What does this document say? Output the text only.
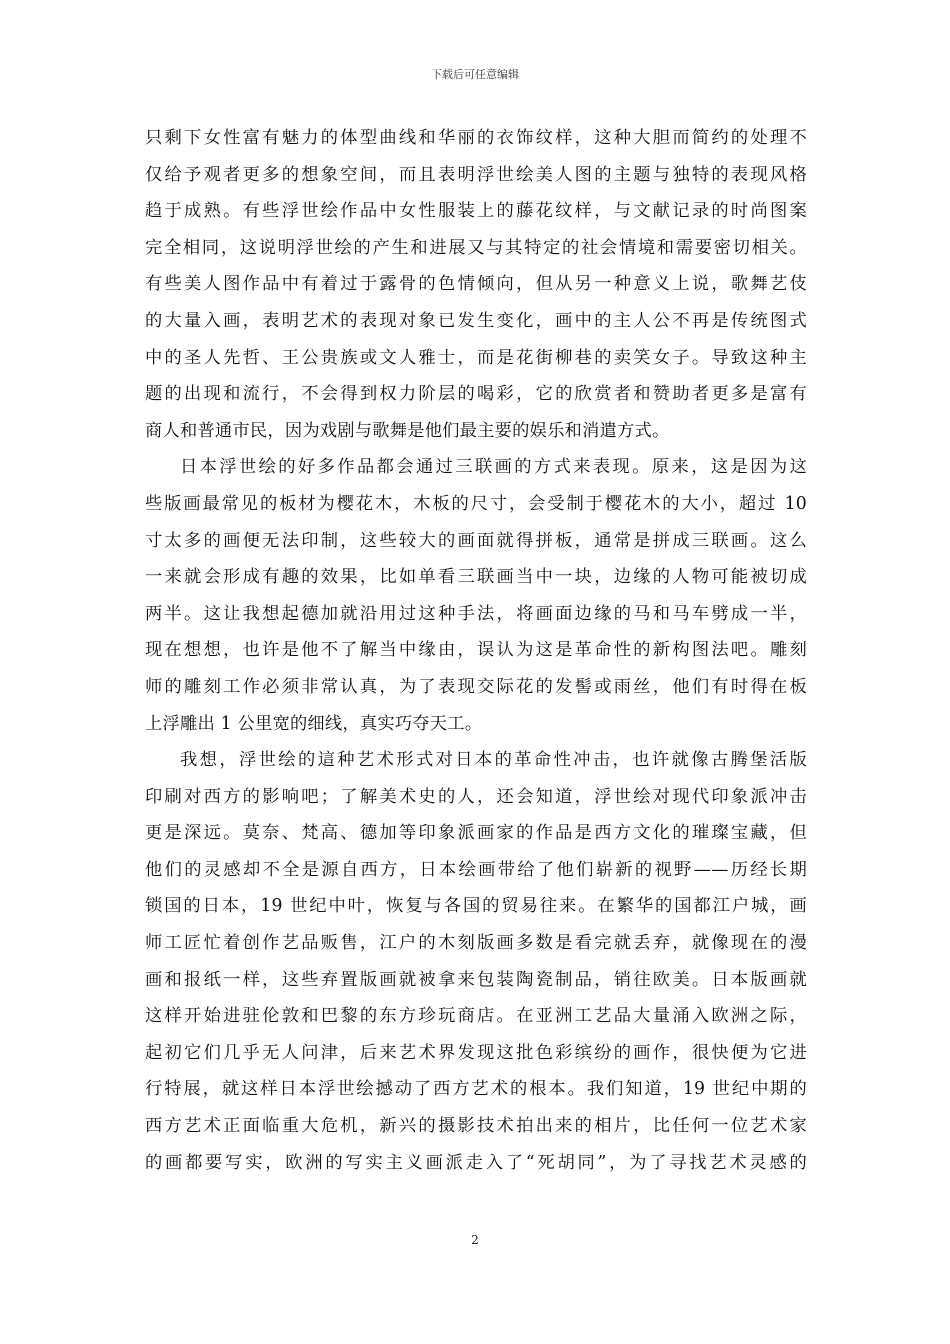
下载后可任意编辑
只剩下女性富有魅力的体型曲线和华丽的衣饰纹样，这种大胆而简约的处理不
仅给予观者更多的想象空间，而且表明浮世绘美人图的主题与独特的表现风格
趋于成熟。有些浮世绘作品中女性服装上的藤花纹样，与文献记录的时尚图案
完全相同，这说明浮世绘的产生和进展又与其特定的社会情境和需要密切相关。
有些美人图作品中有着过于露骨的色情倾向，但从另一种意义上说，歌舞艺伎
的大量入画，表明艺术的表现对象已发生变化，画中的主人公不再是传统图式
中的圣人先哲、王公贵族或文人雅士，而是花街柳巷的卖笑女子。导致这种主
题的出现和流行，不会得到权力阶层的喝彩，它的欣赏者和赞助者更多是富有
商人和普通市民，因为戏剧与歌舞是他们最主要的娱乐和消遣方式。
日本浮世绘的好多作品都会通过三联画的方式来表现。原来，这是因为这
些版画最常见的板材为樱花木，木板的尺寸，会受制于樱花木的大小，超过 10
寸太多的画便无法印制，这些较大的画面就得拼板，通常是拼成三联画。这么
一来就会形成有趣的效果，比如单看三联画当中一块，边缘的人物可能被切成
两半。这让我想起德加就沿用过这种手法，将画面边缘的马和马车劈成一半，
现在想想，也许是他不了解当中缘由，误认为这是革命性的新构图法吧。雕刻
师的雕刻工作必须非常认真，为了表现交际花的发髻或雨丝，他们有时得在板
上浮雕出 1 公里宽的细线，真实巧夺天工。
我想，浮世绘的這种艺术形式对日本的革命性冲击，也许就像古腾堡活版
印刷对西方的影响吧；了解美术史的人，还会知道，浮世绘对现代印象派冲击
更是深远。莫奈、梵高、德加等印象派画家的作品是西方文化的璀璨宝藏，但
他们的灵感却不全是源自西方，日本绘画带给了他们崭新的视野——历经长期
锁国的日本，19 世纪中叶，恢复与各国的贸易往来。在繁华的国都江户城，画
师工匠忙着创作艺品贩售，江户的木刻版画多数是看完就丢弃，就像现在的漫
画和报纸一样，这些弃置版画就被拿来包装陶瓷制品，销往欧美。日本版画就
这样开始进驻伦敦和巴黎的东方珍玩商店。在亚洲工艺品大量涌入欧洲之际，
起初它们几乎无人问津，后来艺术界发现这批色彩缤纷的画作，很快便为它进
行特展，就这样日本浮世绘撼动了西方艺术的根本。我们知道，19 世纪中期的
西方艺术正面临重大危机，新兴的摄影技术拍出来的相片，比任何一位艺术家
的画都要写实，欧洲的写实主义画派走入了“死胡同”，为了寻找艺术灵感的
2
